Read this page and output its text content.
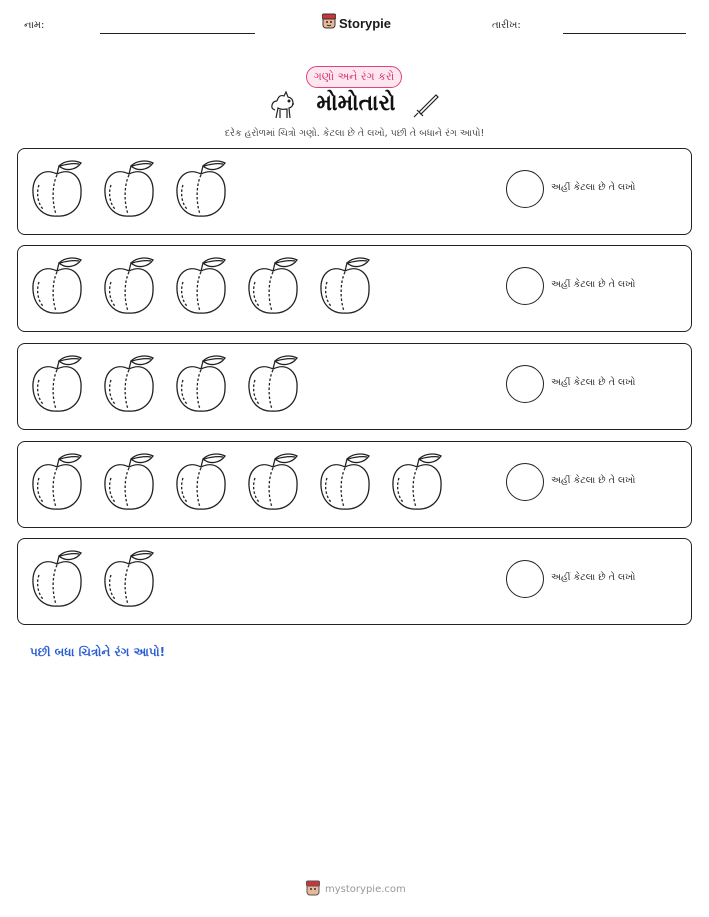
નામ:	Storypie	તારીખ:
ગણો અને રંગ કરો
મોમોતારો
દરેક હરોળમાં ચિત્રો ગણો. કેટલા છે તે લખો, પછી તે બધાને રંગ આપો!
અહીં કેટલા છે તે લખો
અહીં કેટલા છે તે લખો
અહીં કેટલા છે તે લખો
અહીં કેટલા છે તે લખો
અહીં કેટલા છે તે લખો
પછી બધા ચિત્રોને રંગ આપો!
mystorypie.com
